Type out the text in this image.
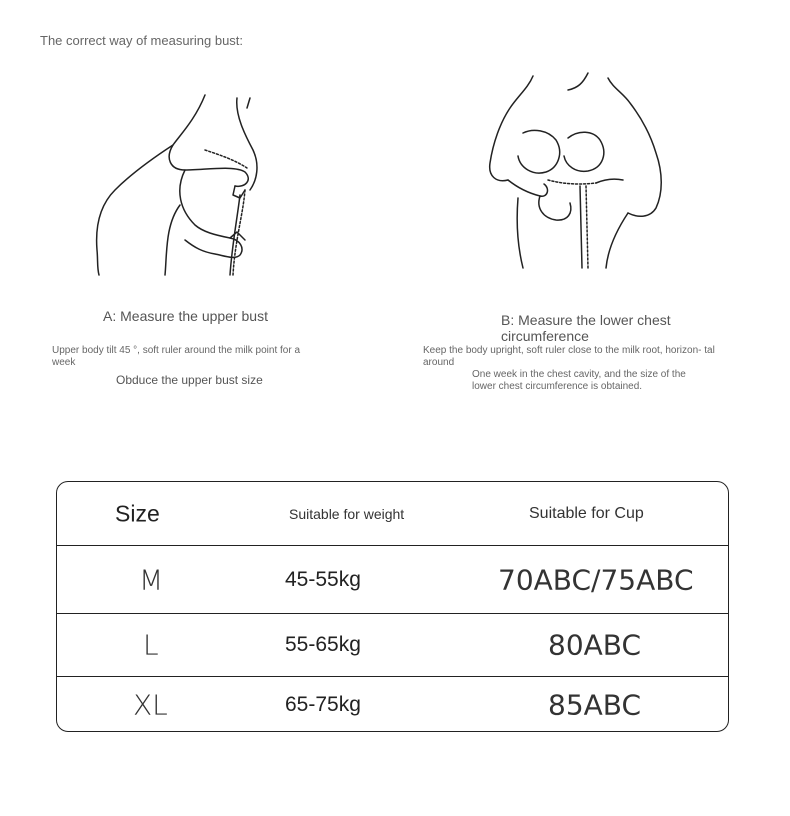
The correct way of measuring bust:
A: Measure the upper bust
Upper body tilt 45 °, soft ruler around the milk point for a week
Obduce the upper bust size
B: Measure the lower chest circumference
Keep the body upright, soft ruler close to the milk root, horizon- tal around
One week in the chest cavity, and the size of the lower chest circumference is obtained.
Size	Suitable for weight	Suitable for Cup
M	45-55kg	70ABC/75ABC
L	55-65kg	80ABC
XL	65-75kg	85ABC
